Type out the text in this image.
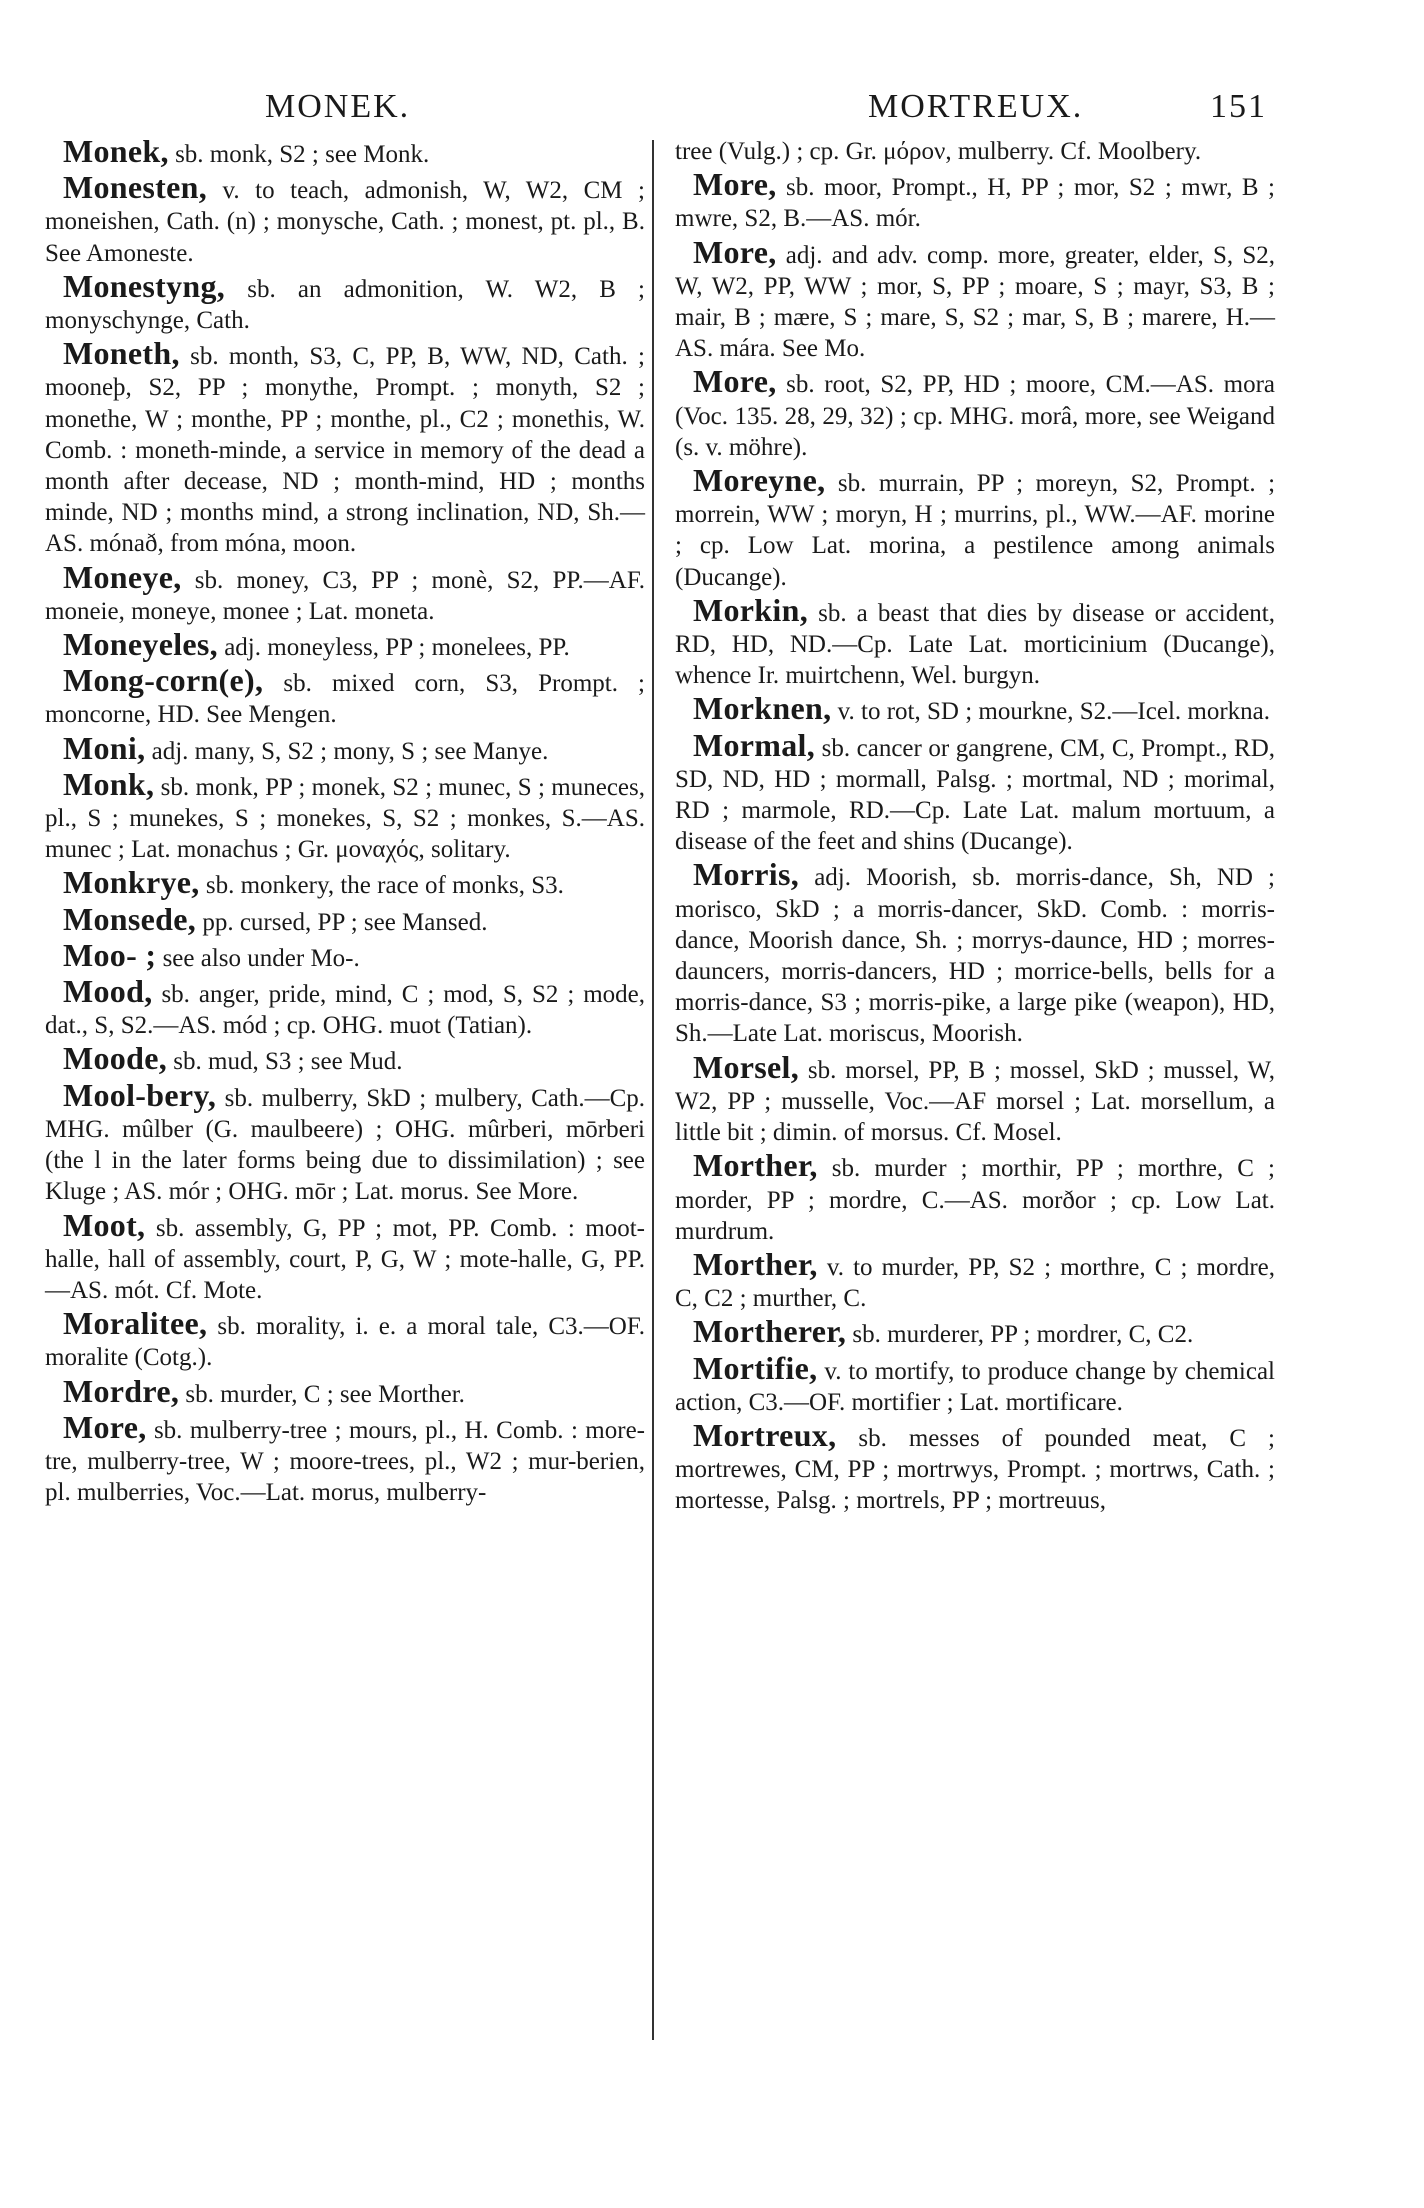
MONEK.	MORTREUX.	151

Monek, sb. monk, S2 ; see Monk.

Monesten, v. to teach, admonish, W, W2, CM ; moneishen, Cath. (n) ; monysche, Cath. ; monest, pt. pl., B. See Amoneste.

Monestyng, sb. an admonition, W. W2, B ; monyschynge, Cath.

Moneth, sb. month, S3, C, PP, B, WW, ND, Cath. ; mooneþ, S2, PP ; monythe, Prompt. ; monyth, S2 ; monethe, W ; monthe, PP ; monthe, pl., C2 ; monethis, W. Comb. : moneth-minde, a service in memory of the dead a month after decease, ND ; month-mind, HD ; months minde, ND ; months mind, a strong inclination, ND, Sh.—AS. mónað, from móna, moon.

Moneye, sb. money, C3, PP ; monè, S2, PP.—AF. moneie, moneye, monee ; Lat. moneta.

Moneyeles, adj. moneyless, PP ; monelees, PP.

Mong-corn(e), sb. mixed corn, S3, Prompt. ; moncorne, HD. See Mengen.

Moni, adj. many, S, S2 ; mony, S ; see Manye.

Monk, sb. monk, PP ; monek, S2 ; munec, S ; muneces, pl., S ; munekes, S ; monekes, S, S2 ; monkes, S.—AS. munec ; Lat. monachus ; Gr. μοναχός, solitary.

Monkrye, sb. monkery, the race of monks, S3.

Monsede, pp. cursed, PP ; see Mansed.

Moo- ; see also under Mo-.

Mood, sb. anger, pride, mind, C ; mod, S, S2 ; mode, dat., S, S2.—AS. mód ; cp. OHG. muot (Tatian).

Moode, sb. mud, S3 ; see Mud.

Mool-bery, sb. mulberry, SkD ; mulbery, Cath.—Cp. MHG. mûlber (G. maulbeere) ; OHG. mûrberi, mōrberi (the l in the later forms being due to dissimilation) ; see Kluge ; AS. mór ; OHG. mōr ; Lat. morus. See More.

Moot, sb. assembly, G, PP ; mot, PP. Comb. : moot-halle, hall of assembly, court, P, G, W ; mote-halle, G, PP.—AS. mót. Cf. Mote.

Moralitee, sb. morality, i. e. a moral tale, C3.—OF. moralite (Cotg.).

Mordre, sb. murder, C ; see Morther.

More, sb. mulberry-tree ; mours, pl., H. Comb. : more-tre, mulberry-tree, W ; moore-trees, pl., W2 ; mur-berien, pl. mulberries, Voc.—Lat. morus, mulberry-

tree (Vulg.) ; cp. Gr. μόρον, mulberry. Cf. Moolbery.

More, sb. moor, Prompt., H, PP ; mor, S2 ; mwr, B ; mwre, S2, B.—AS. mór.

More, adj. and adv. comp. more, greater, elder, S, S2, W, W2, PP, WW ; mor, S, PP ; moare, S ; mayr, S3, B ; mair, B ; mære, S ; mare, S, S2 ; mar, S, B ; marere, H.—AS. mára. See Mo.

More, sb. root, S2, PP, HD ; moore, CM.—AS. mora (Voc. 135. 28, 29, 32) ; cp. MHG. morâ, more, see Weigand (s. v. möhre).

Moreyne, sb. murrain, PP ; moreyn, S2, Prompt. ; morrein, WW ; moryn, H ; murrins, pl., WW.—AF. morine ; cp. Low Lat. morina, a pestilence among animals (Ducange).

Morkin, sb. a beast that dies by disease or accident, RD, HD, ND.—Cp. Late Lat. morticinium (Ducange), whence Ir. muirtchenn, Wel. burgyn.

Morknen, v. to rot, SD ; mourkne, S2.—Icel. morkna.

Mormal, sb. cancer or gangrene, CM, C, Prompt., RD, SD, ND, HD ; mormall, Palsg. ; mortmal, ND ; morimal, RD ; marmole, RD.—Cp. Late Lat. malum mortuum, a disease of the feet and shins (Ducange).

Morris, adj. Moorish, sb. morris-dance, Sh, ND ; morisco, SkD ; a morris-dancer, SkD. Comb. : morris-dance, Moorish dance, Sh. ; morrys-daunce, HD ; morres-dauncers, morris-dancers, HD ; morrice-bells, bells for a morris-dance, S3 ; morris-pike, a large pike (weapon), HD, Sh.—Late Lat. moriscus, Moorish.

Morsel, sb. morsel, PP, B ; mossel, SkD ; mussel, W, W2, PP ; musselle, Voc.—AF morsel ; Lat. morsellum, a little bit ; dimin. of morsus. Cf. Mosel.

Morther, sb. murder ; morthir, PP ; morthre, C ; morder, PP ; mordre, C.—AS. morðor ; cp. Low Lat. murdrum.

Morther, v. to murder, PP, S2 ; morthre, C ; mordre, C, C2 ; murther, C.

Mortherer, sb. murderer, PP ; mordrer, C, C2.

Mortifie, v. to mortify, to produce change by chemical action, C3.—OF. mortifier ; Lat. mortificare.

Mortreux, sb. messes of pounded meat, C ; mortrewes, CM, PP ; mortrwys, Prompt. ; mortrws, Cath. ; mortesse, Palsg. ; mortrels, PP ; mortreuus,
